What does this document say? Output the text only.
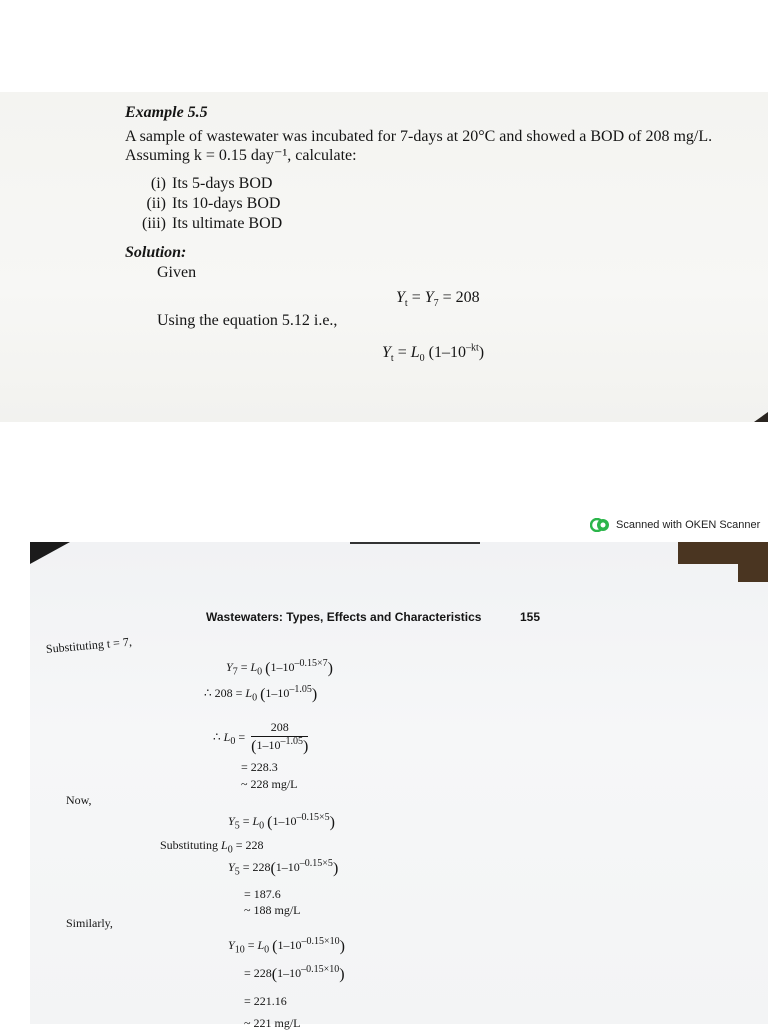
Example 5.5
A sample of wastewater was incubated for 7-days at 20°C and showed a BOD of 208 mg/L. Assuming k = 0.15 day⁻¹, calculate:
(i) Its 5-days BOD
(ii) Its 10-days BOD
(iii) Its ultimate BOD
Solution:
Given
$Y_t = Y_7 = 208$
Using the equation 5.12 i.e.,
$Y_t = L_0$ $(1-10^{-kt})$
Scanned with OKEN Scanner
Wastewaters: Types, Effects and Characteristics	155
Substituting t = 7,
$Y_7 = L_0$ $(1-10^{-0.15\times 7})$
∴ $208 = L_0$ $(1-10^{-1.05})$
∴ $L_0 = \frac{208}{(1-10^{-1.05})}$
= 228.3
~ 228 mg/L
Now,
$Y_5 = L_0$ $(1-10^{-0.15\times 5})$
Substituting $L_0 = 228$
$Y_5 = 228(1-10^{-0.15\times 5})$
= 187.6
~ 188 mg/L
Similarly,
$Y_{10} = L_0$ $(1-10^{-0.15\times 10})$
= $228(1-10^{-0.15\times 10})$
= 221.16
~ 221 mg/L
